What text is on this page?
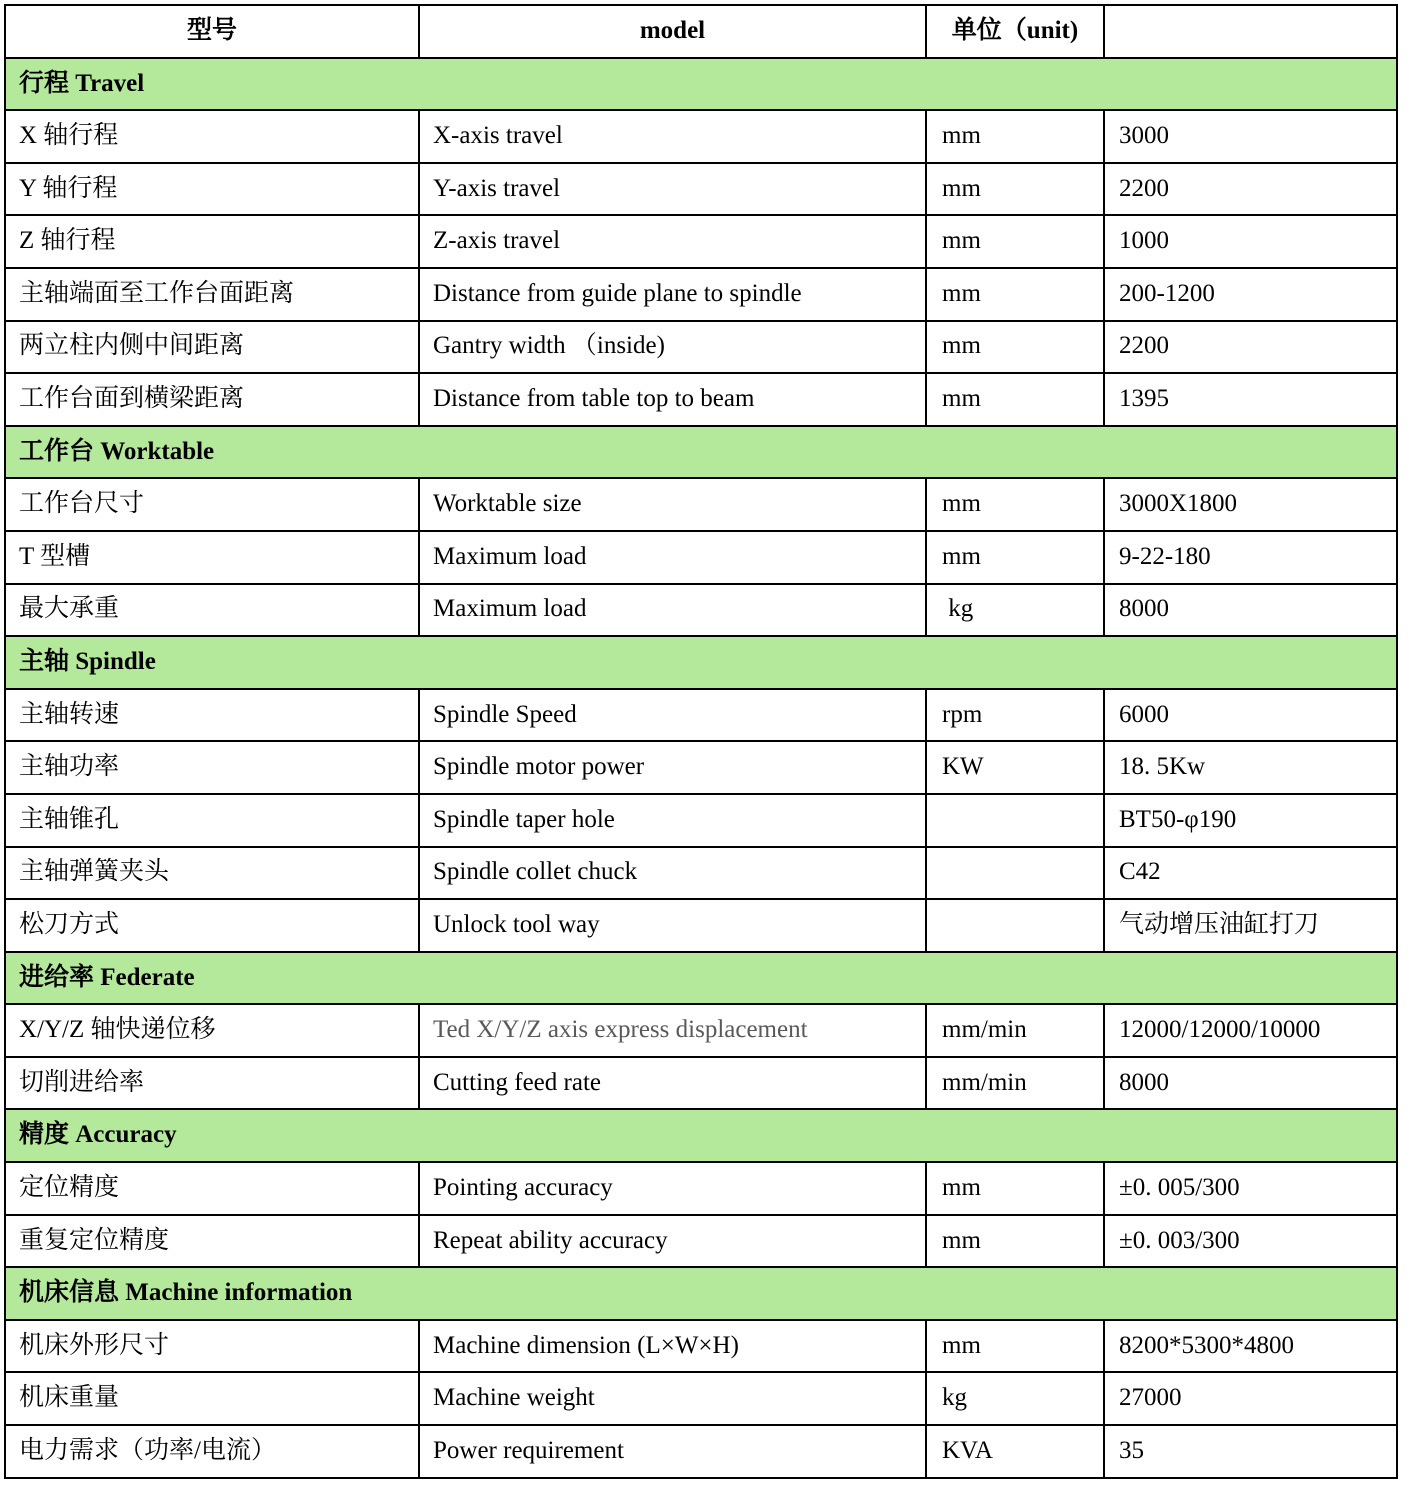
型号	model	单位（unit)	
行程 Travel			
X 轴行程	X-axis travel	mm	3000
Y 轴行程	Y-axis travel	mm	2200
Z 轴行程	Z-axis travel	mm	1000
主轴端面至工作台面距离	Distance from guide plane to spindle	mm	200-1200
两立柱内侧中间距离	Gantry width （inside)	mm	2200
工作台面到横梁距离	Distance from table top to beam	mm	1395
工作台 Worktable			
工作台尺寸	Worktable size	mm	3000X1800
T 型槽	Maximum load	mm	9-22-180
最大承重	Maximum load	kg	8000
主轴 Spindle			
主轴转速	Spindle Speed	rpm	6000
主轴功率	Spindle motor power	KW	18. 5Kw
主轴锥孔	Spindle taper hole		BT50-φ190
主轴弹簧夹头	Spindle collet chuck		C42
松刀方式	Unlock tool way		气动增压油缸打刀
进给率 Federate			
X/Y/Z 轴快递位移	Ted X/Y/Z axis express displacement	mm/min	12000/12000/10000
切削进给率	Cutting feed rate	mm/min	8000
精度 Accuracy			
定位精度	Pointing accuracy	mm	±0. 005/300
重复定位精度	Repeat ability accuracy	mm	±0. 003/300
机床信息 Machine information			
机床外形尺寸	Machine dimension (L×W×H)	mm	8200*5300*4800
机床重量	Machine weight	kg	27000
电力需求（功率/电流）	Power requirement	KVA	35
